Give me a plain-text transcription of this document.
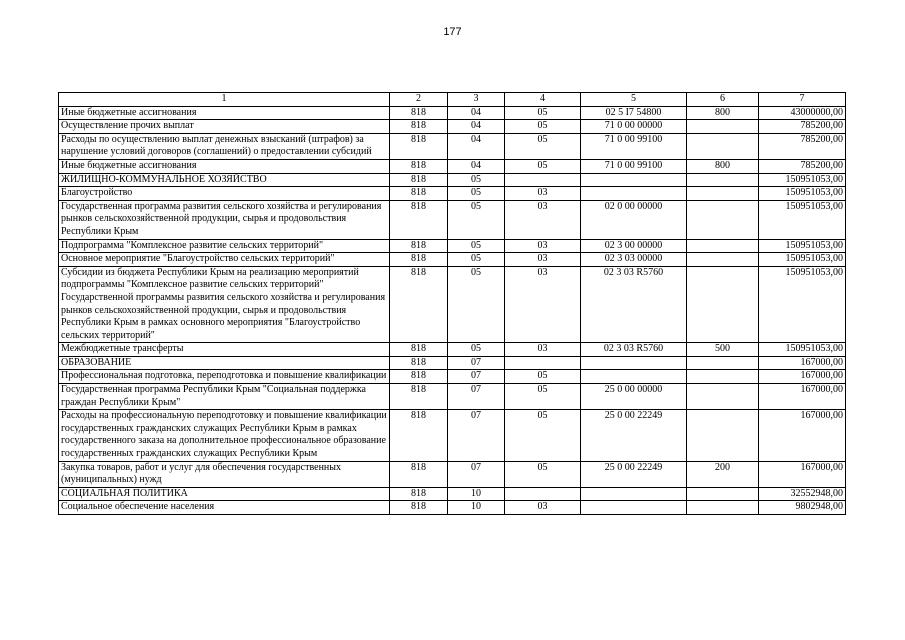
177
1	2	3	4	5	6	7
Иные бюджетные ассигнования	818	04	05	02 5 I7 54800	800	43000000,00
Осуществление прочих выплат	818	04	05	71 0 00 00000		785200,00
Расходы по осуществлению выплат денежных взысканий (штрафов) за нарушение условий договоров (соглашений) о предоставлении субсидий	818	04	05	71 0 00 99100		785200,00
Иные бюджетные ассигнования	818	04	05	71 0 00 99100	800	785200,00
ЖИЛИЩНО-КОММУНАЛЬНОЕ ХОЗЯЙСТВО	818	05				150951053,00
Благоустройство	818	05	03			150951053,00
Государственная программа развития сельского хозяйства и регулирования рынков сельскохозяйственной продукции, сырья и продовольствия Республики Крым	818	05	03	02 0 00 00000		150951053,00
Подпрограмма "Комплексное развитие сельских территорий"	818	05	03	02 3 00 00000		150951053,00
Основное мероприятие "Благоустройство сельских территорий"	818	05	03	02 3 03 00000		150951053,00
Субсидии из бюджета Республики Крым на реализацию мероприятий подпрограммы "Комплексное развитие сельских территорий" Государственной программы развития сельского хозяйства и регулирования рынков сельскохозяйственной продукции, сырья и продовольствия Республики Крым в рамках основного мероприятия "Благоустройство сельских территорий"	818	05	03	02 3 03 R5760		150951053,00
Межбюджетные трансферты	818	05	03	02 3 03 R5760	500	150951053,00
ОБРАЗОВАНИЕ	818	07				167000,00
Профессиональная подготовка, переподготовка и повышение квалификации	818	07	05			167000,00
Государственная программа Республики Крым "Социальная поддержка граждан Республики Крым"	818	07	05	25 0 00 00000		167000,00
Расходы на профессиональную переподготовку и повышение квалификации государственных гражданских служащих Республики Крым в рамках государственного заказа на дополнительное профессиональное образование государственных гражданских служащих Республики Крым	818	07	05	25 0 00 22249		167000,00
Закупка товаров, работ и услуг для обеспечения государственных (муниципальных) нужд	818	07	05	25 0 00 22249	200	167000,00
СОЦИАЛЬНАЯ ПОЛИТИКА	818	10				32552948,00
Социальное обеспечение населения	818	10	03			9802948,00
